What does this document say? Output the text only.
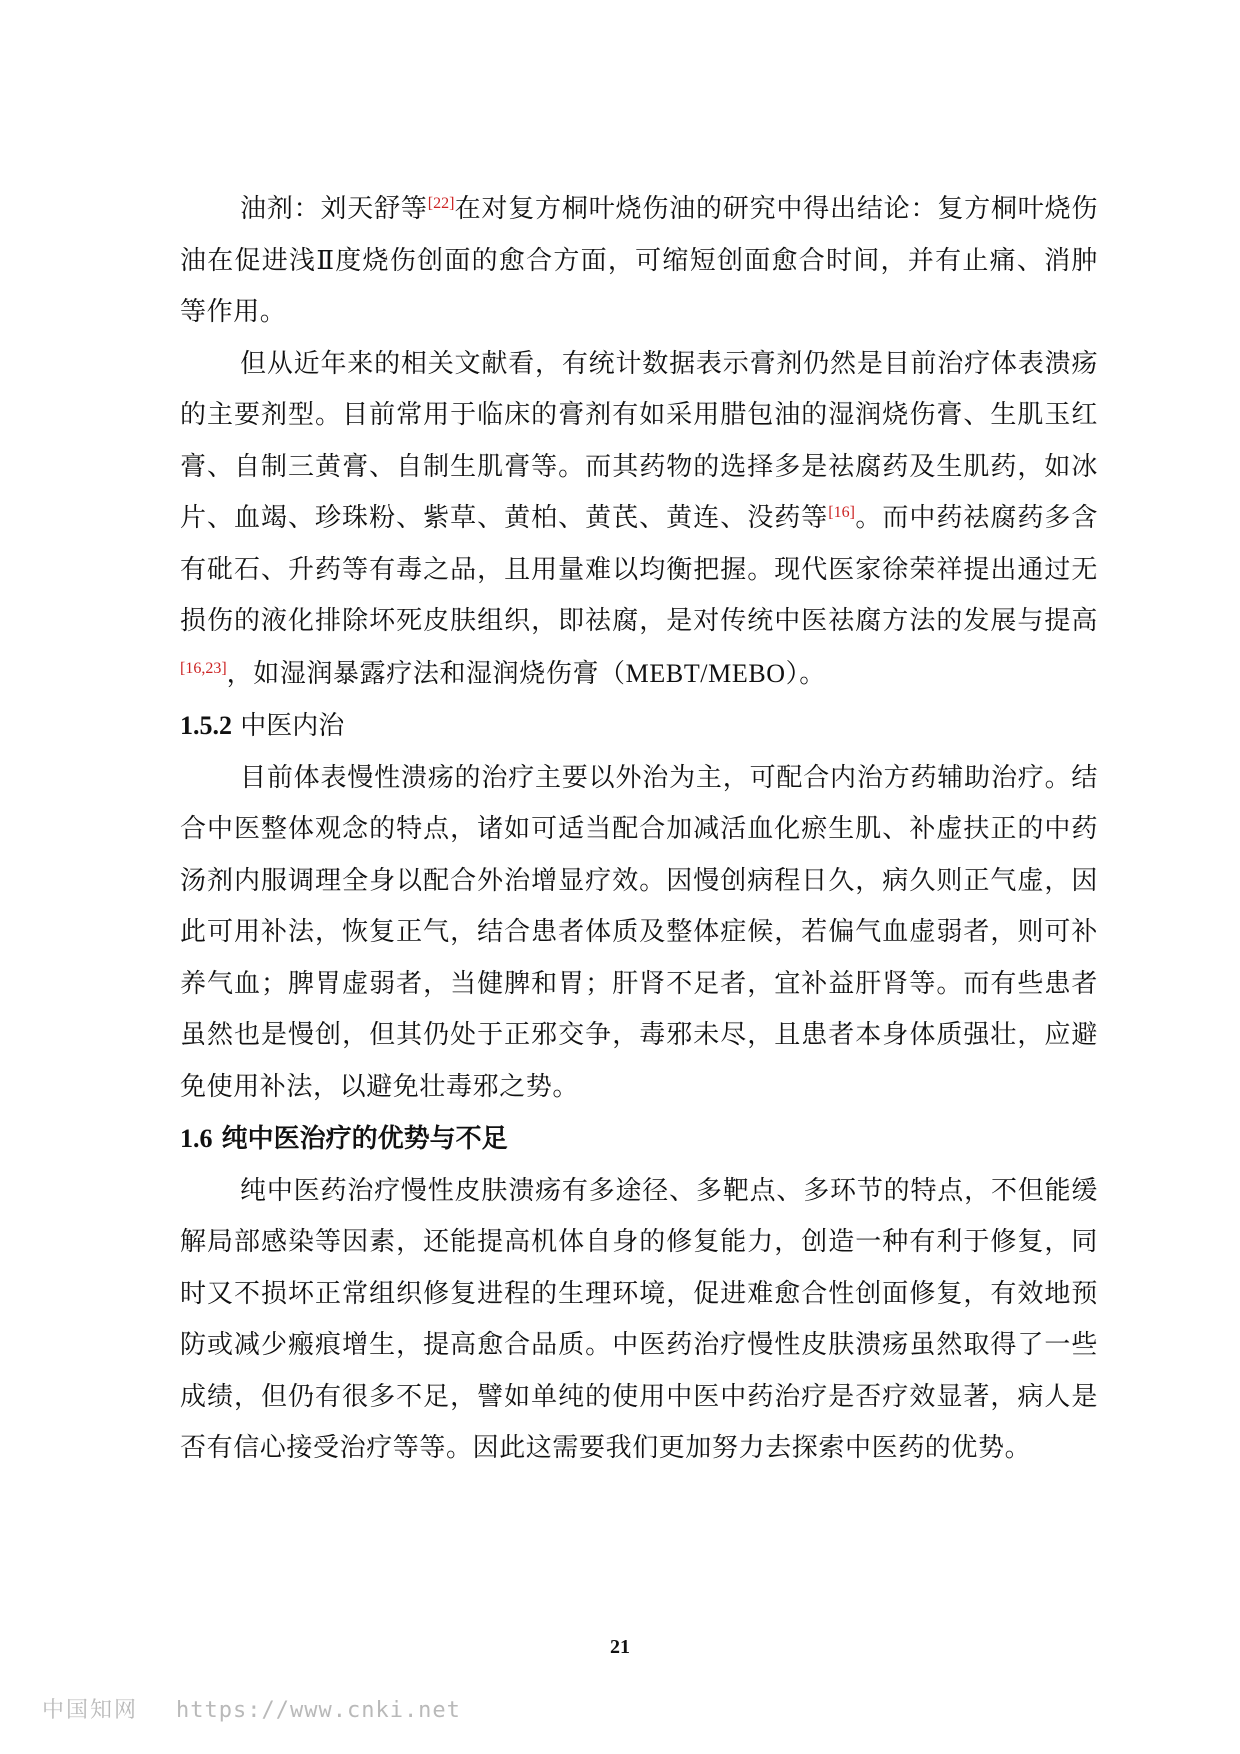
油剂：刘天舒等[22]在对复方桐叶烧伤油的研究中得出结论：复方桐叶烧伤油在促进浅Ⅱ度烧伤创面的愈合方面，可缩短创面愈合时间，并有止痛、消肿等作用。

但从近年来的相关文献看，有统计数据表示膏剂仍然是目前治疗体表溃疡的主要剂型。目前常用于临床的膏剂有如采用腊包油的湿润烧伤膏、生肌玉红膏、自制三黄膏、自制生肌膏等。而其药物的选择多是祛腐药及生肌药，如冰片、血竭、珍珠粉、紫草、黄柏、黄芪、黄连、没药等[16]。而中药祛腐药多含有砒石、升药等有毒之品，且用量难以均衡把握。现代医家徐荣祥提出通过无损伤的液化排除坏死皮肤组织，即祛腐，是对传统中医祛腐方法的发展与提高[16,23]，如湿润暴露疗法和湿润烧伤膏（MEBT/MEBO）。

1.5.2 中医内治

目前体表慢性溃疡的治疗主要以外治为主，可配合内治方药辅助治疗。结合中医整体观念的特点，诸如可适当配合加减活血化瘀生肌、补虚扶正的中药汤剂内服调理全身以配合外治增显疗效。因慢创病程日久，病久则正气虚，因此可用补法，恢复正气，结合患者体质及整体症候，若偏气血虚弱者，则可补养气血；脾胃虚弱者，当健脾和胃；肝肾不足者，宜补益肝肾等。而有些患者虽然也是慢创，但其仍处于正邪交争，毒邪未尽，且患者本身体质强壮，应避免使用补法，以避免壮毒邪之势。

1.6 纯中医治疗的优势与不足

纯中医药治疗慢性皮肤溃疡有多途径、多靶点、多环节的特点，不但能缓解局部感染等因素，还能提高机体自身的修复能力，创造一种有利于修复，同时又不损坏正常组织修复进程的生理环境，促进难愈合性创面修复，有效地预防或减少瘢痕增生，提高愈合品质。中医药治疗慢性皮肤溃疡虽然取得了一些成绩，但仍有很多不足，譬如单纯的使用中医中药治疗是否疗效显著，病人是否有信心接受治疗等等。因此这需要我们更加努力去探索中医药的优势。

21
中国知网 https://www.cnki.net
